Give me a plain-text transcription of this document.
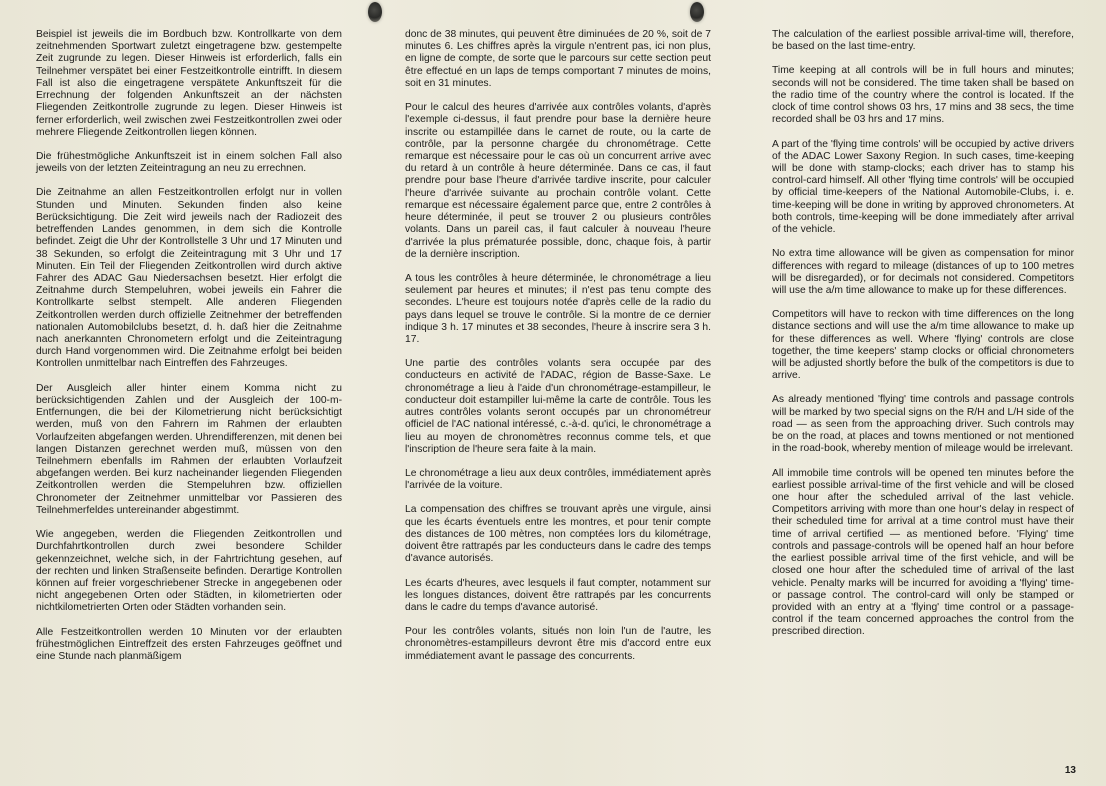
Beispiel ist jeweils die im Bordbuch bzw. Kontrollkarte von dem zeitnehmenden Sportwart zuletzt eingetragene bzw. gestempelte Zeit zugrunde zu legen. Dieser Hinweis ist erforderlich, falls ein Teilnehmer verspätet bei einer Festzeitkontrolle eintrifft. In diesem Fall ist also die eingetragene verspätete Ankunftszeit für die Errechnung der folgenden Ankunftszeit an der nächsten Fliegenden Zeitkontrolle zugrunde zu legen. Dieser Hinweis ist ferner erforderlich, weil zwischen zwei Festzeitkontrollen zwei oder mehrere Fliegende Zeitkontrollen liegen können.

Die frühestmögliche Ankunftszeit ist in einem solchen Fall also jeweils von der letzten Zeiteintragung an neu zu errechnen.

Die Zeitnahme an allen Festzeitkontrollen erfolgt nur in vollen Stunden und Minuten. Sekunden finden also keine Berücksichtigung. Die Zeit wird jeweils nach der Radiozeit des betreffenden Landes genommen, in dem sich die Kontrolle befindet. Zeigt die Uhr der Kontrollstelle 3 Uhr und 17 Minuten und 38 Sekunden, so erfolgt die Zeiteintragung mit 3 Uhr und 17 Minuten. Ein Teil der Fliegenden Zeitkontrollen wird durch aktive Fahrer des ADAC Gau Niedersachsen besetzt. Hier erfolgt die Zeitnahme durch Stempeluhren, wobei jeweils ein Fahrer die Kontrollkarte selbst stempelt. Alle anderen Fliegenden Zeitkontrollen werden durch offizielle Zeitnehmer der betreffenden nationalen Automobilclubs besetzt, d. h. daß hier die Zeitnahme nach anerkannten Chronometern erfolgt und die Zeiteintragung durch Hand vorgenommen wird. Die Zeitnahme erfolgt bei beiden Kontrollen unmittelbar nach Eintreffen des Fahrzeuges.

Der Ausgleich aller hinter einem Komma nicht zu berücksichtigenden Zahlen und der Ausgleich der 100-m-Entfernungen, die bei der Kilometrierung nicht berücksichtigt werden, muß von den Fahrern im Rahmen der erlaubten Vorlaufzeiten abgefangen werden. Uhrendifferenzen, mit denen bei langen Distanzen gerechnet werden muß, müssen von den Teilnehmern ebenfalls im Rahmen der erlaubten Vorlaufzeit abgefangen werden. Bei kurz nacheinander liegenden Fliegenden Zeitkontrollen werden die Stempeluhren bzw. offiziellen Chronometer der Zeitnehmer unmittelbar vor Passieren des Teilnehmerfeldes untereinander abgestimmt.

Wie angegeben, werden die Fliegenden Zeitkontrollen und Durchfahrtkontrollen durch zwei besondere Schilder gekennzeichnet, welche sich, in der Fahrtrichtung gesehen, auf der rechten und linken Straßenseite befinden. Derartige Kontrollen können auf freier vorgeschriebener Strecke in angegebenen oder nicht angegebenen Orten oder Städten, in kilometrierten oder nichtkilometrierten Orten oder Städten vorhanden sein.

Alle Festzeitkontrollen werden 10 Minuten vor der erlaubten frühestmöglichen Eintreffzeit des ersten Fahrzeuges geöffnet und eine Stunde nach planmäßigem

donc de 38 minutes, qui peuvent être diminuées de 20 %, soit de 7 minutes 6. Les chiffres après la virgule n'entrent pas, ici non plus, en ligne de compte, de sorte que le parcours sur cette section peut être effectué en un laps de temps comportant 7 minutes de moins, soit en 31 minutes.

Pour le calcul des heures d'arrivée aux contrôles volants, d'après l'exemple ci-dessus, il faut prendre pour base la dernière heure inscrite ou estampillée dans le carnet de route, ou la carte de contrôle, par la personne chargée du chronométrage. Cette remarque est nécessaire pour le cas où un concurrent arrive avec du retard à un contrôle à heure déterminée. Dans ce cas, il faut prendre pour base l'heure d'arrivée tardive inscrite, pour calculer l'heure d'arrivée suivante au prochain contrôle volant. Cette remarque est nécessaire également parce que, entre 2 contrôles à heure déterminée, il peut se trouver 2 ou plusieurs contrôles volants. Dans un pareil cas, il faut calculer à nouveau l'heure d'arrivée la plus prématurée possible, donc, chaque fois, à partir de la dernière inscription.

A tous les contrôles à heure déterminée, le chronométrage a lieu seulement par heures et minutes; il n'est pas tenu compte des secondes. L'heure est toujours notée d'après celle de la radio du pays dans lequel se trouve le contrôle. Si la montre de ce dernier indique 3 h. 17 minutes et 38 secondes, l'heure à inscrire sera 3 h. 17.

Une partie des contrôles volants sera occupée par des conducteurs en activité de l'ADAC, région de Basse-Saxe. Le chronométrage a lieu à l'aide d'un chronométrage-estampilleur, le conducteur doit estampiller lui-même la carte de contrôle. Tous les autres contrôles volants seront occupés par un chronométreur officiel de l'AC national intéressé, c.-à-d. qu'ici, le chronométrage a lieu au moyen de chronomètres reconnus comme tels, et que l'inscription de l'heure sera faite à la main.

Le chronométrage a lieu aux deux contrôles, immédiatement après l'arrivée de la voiture.

La compensation des chiffres se trouvant après une virgule, ainsi que les écarts éventuels entre les montres, et pour tenir compte des distances de 100 mètres, non comptées lors du kilométrage, doivent être rattrapés par les conducteurs dans le cadre des temps d'avance autorisés.

Les écarts d'heures, avec lesquels il faut compter, notamment sur les longues distances, doivent être rattrapés par les concurrents dans le cadre du temps d'avance autorisé.

Pour les contrôles volants, situés non loin l'un de l'autre, les chronomètres-estampilleurs devront être mis d'accord entre eux immédiatement avant le passage des concurrents.

The calculation of the earliest possible arrival-time will, therefore, be based on the last time-entry.

Time keeping at all controls will be in full hours and minutes; seconds will not be considered. The time taken shall be based on the radio time of the country where the control is located. If the clock of time control shows 03 hrs, 17 mins and 38 secs, the time recorded shall be 03 hrs and 17 mins.

A part of the 'flying time controls' will be occupied by active drivers of the ADAC Lower Saxony Region. In such cases, time-keeping will be done with stamp-clocks; each driver has to stamp his control-card himself. All other 'flying time controls' will be occupied by official time-keepers of the National Automobile-Clubs, i. e. time-keeping will be done in writing by approved chronometers. At both controls, time-keeping will be done immediately after arrival of the vehicle.

No extra time allowance will be given as compensation for minor differences with regard to mileage (distances of up to 100 metres will be disregarded), or for decimals not considered. Competitors will use the a/m time allowance to make up for these differences.

Competitors will have to reckon with time differences on the long distance sections and will use the a/m time allowance to make up for these differences as well. Where 'flying' controls are close together, the time keepers' stamp clocks or official chronometers will be adjusted shortly before the bulk of the competitors is due to arrive.

As already mentioned 'flying' time controls and passage controls will be marked by two special signs on the R/H and L/H side of the road — as seen from the approaching driver. Such controls may be on the road, at places and towns mentioned or not mentioned in the road-book, whereby mention of mileage would be irrelevant.

All immobile time controls will be opened ten minutes before the earliest possible arrival-time of the first vehicle and will be closed one hour after the scheduled arrival of the last vehicle. Competitors arriving with more than one hour's delay in respect of their scheduled time for arrival at a time control must have their time of arrival certified — as mentioned before. 'Flying' time controls and passage-controls will be opened half an hour before the earliest possible arrival time of the first vehicle, and will be closed one hour after the scheduled time of arrival of the last vehicle. Penalty marks will be incurred for avoiding a 'flying' time- or passage control. The control-card will only be stamped or provided with an entry at a 'flying' time control or a passage-control if the team concerned approaches the control from the prescribed direction.

13
